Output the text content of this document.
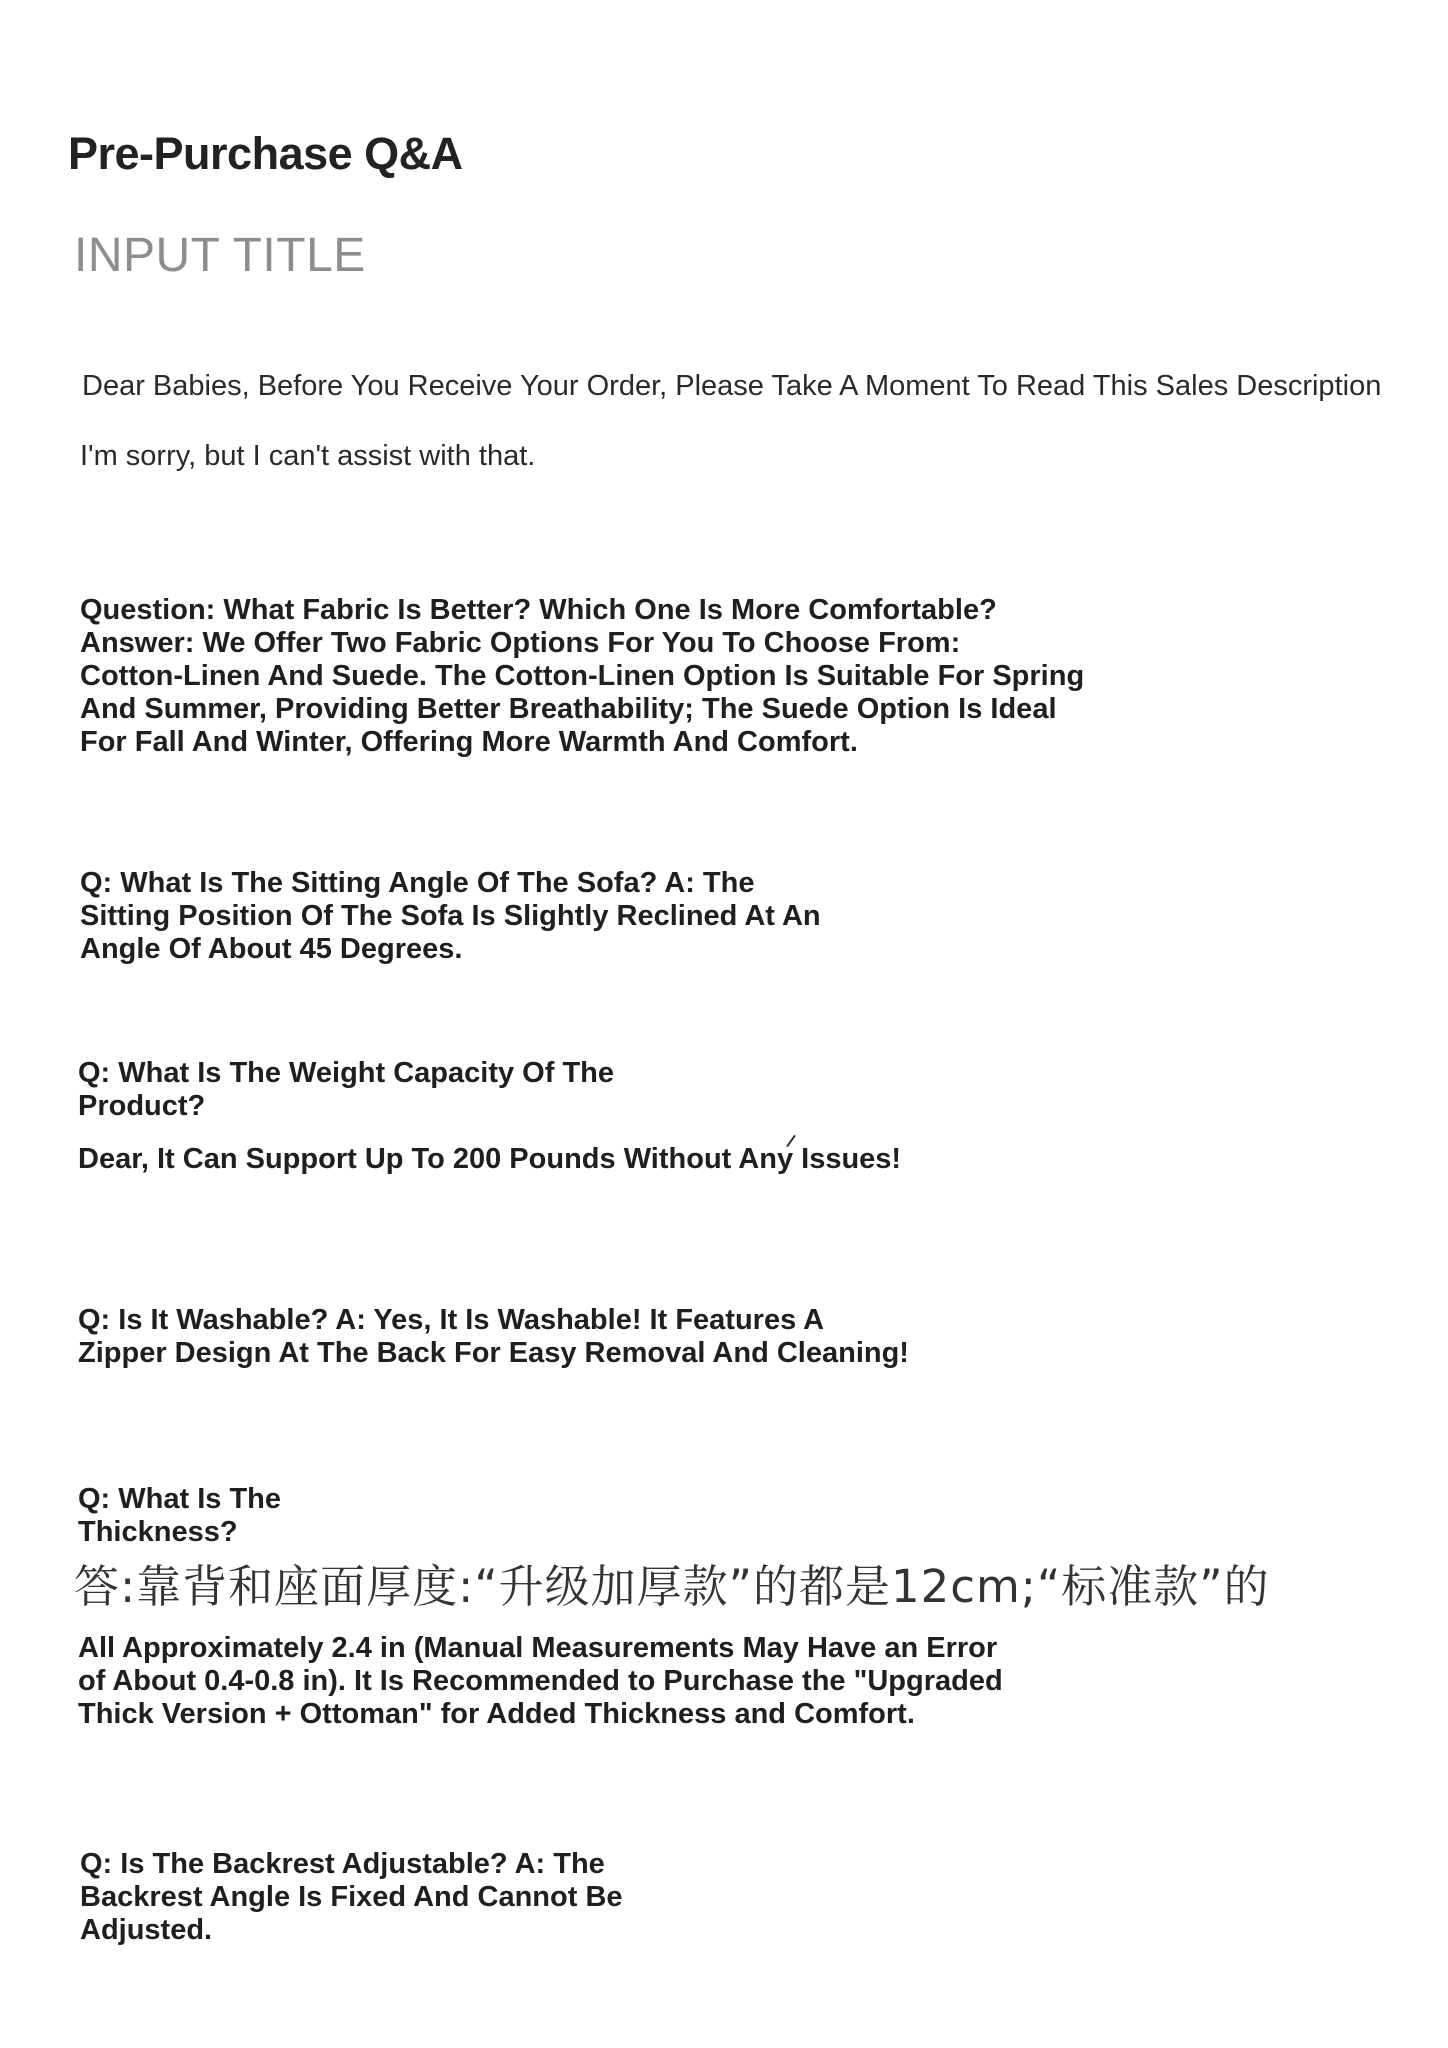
Pre-Purchase Q&A
INPUT TITLE
Dear Babies, Before You Receive Your Order, Please Take A Moment To Read This Sales Description
I'm sorry, but I can't assist with that.
Question: What Fabric Is Better? Which One Is More Comfortable?
Answer: We Offer Two Fabric Options For You To Choose From:
Cotton-Linen And Suede. The Cotton-Linen Option Is Suitable For Spring
And Summer, Providing Better Breathability; The Suede Option Is Ideal
For Fall And Winter, Offering More Warmth And Comfort.
Q: What Is The Sitting Angle Of The Sofa? A: The
Sitting Position Of The Sofa Is Slightly Reclined At An
Angle Of About 45 Degrees.
Q: What Is The Weight Capacity Of The
Product?
Dear, It Can Support Up To 200 Pounds Without Any Issues!
Q: Is It Washable? A: Yes, It Is Washable! It Features A
Zipper Design At The Back For Easy Removal And Cleaning!
Q: What Is The
Thickness?
答:靠背和座面厚度:“升级加厚款”的都是12cm;“标准款”的
All Approximately 2.4 in (Manual Measurements May Have an Error
of About 0.4-0.8 in). It Is Recommended to Purchase the "Upgraded
Thick Version + Ottoman" for Added Thickness and Comfort.
Q: Is The Backrest Adjustable? A: The
Backrest Angle Is Fixed And Cannot Be
Adjusted.
